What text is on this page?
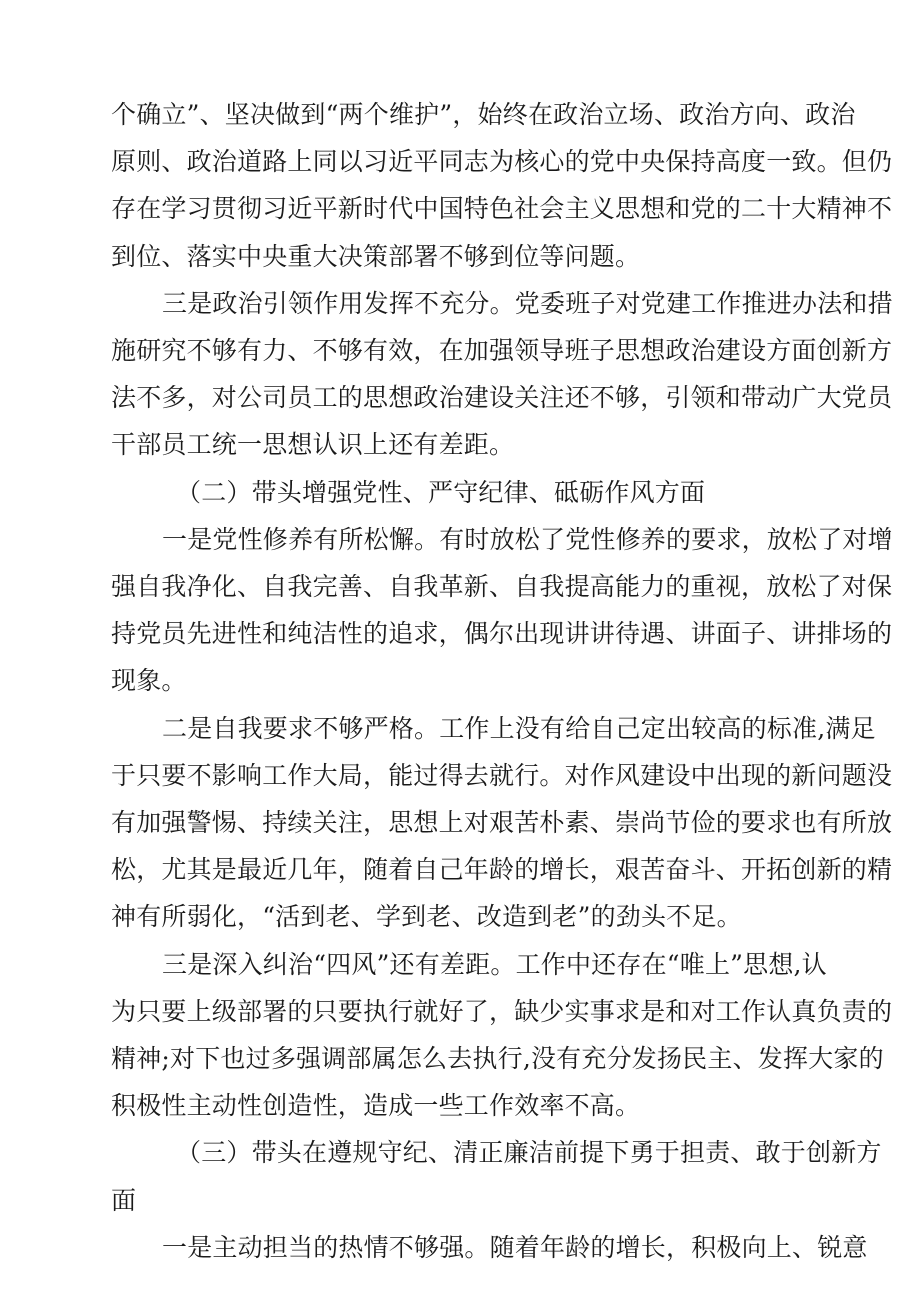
个确立”、坚决做到“两个维护”，始终在政治立场、政治方向、政治
原则、政治道路上同以习近平同志为核心的党中央保持高度一致。但仍
存在学习贯彻习近平新时代中国特色社会主义思想和党的二十大精神不
到位、落实中央重大决策部署不够到位等问题。
三是政治引领作用发挥不充分。党委班子对党建工作推进办法和措
施研究不够有力、不够有效，在加强领导班子思想政治建设方面创新方
法不多，对公司员工的思想政治建设关注还不够，引领和带动广大党员
干部员工统一思想认识上还有差距。
（二）带头增强党性、严守纪律、砥砺作风方面
一是党性修养有所松懈。有时放松了党性修养的要求，放松了对增
强自我净化、自我完善、自我革新、自我提高能力的重视，放松了对保
持党员先进性和纯洁性的追求，偶尔出现讲讲待遇、讲面子、讲排场的
现象。
二是自我要求不够严格。工作上没有给自己定出较高的标准,满足
于只要不影响工作大局，能过得去就行。对作风建设中出现的新问题没
有加强警惕、持续关注，思想上对艰苦朴素、崇尚节俭的要求也有所放
松，尤其是最近几年，随着自己年龄的增长，艰苦奋斗、开拓创新的精
神有所弱化，“活到老、学到老、改造到老”的劲头不足。
三是深入纠治“四风”还有差距。工作中还存在“唯上”思想,认
为只要上级部署的只要执行就好了，缺少实事求是和对工作认真负责的
精神;对下也过多强调部属怎么去执行,没有充分发扬民主、发挥大家的
积极性主动性创造性，造成一些工作效率不高。
（三）带头在遵规守纪、清正廉洁前提下勇于担责、敢于创新方
面
一是主动担当的热情不够强。随着年龄的增长，积极向上、锐意
